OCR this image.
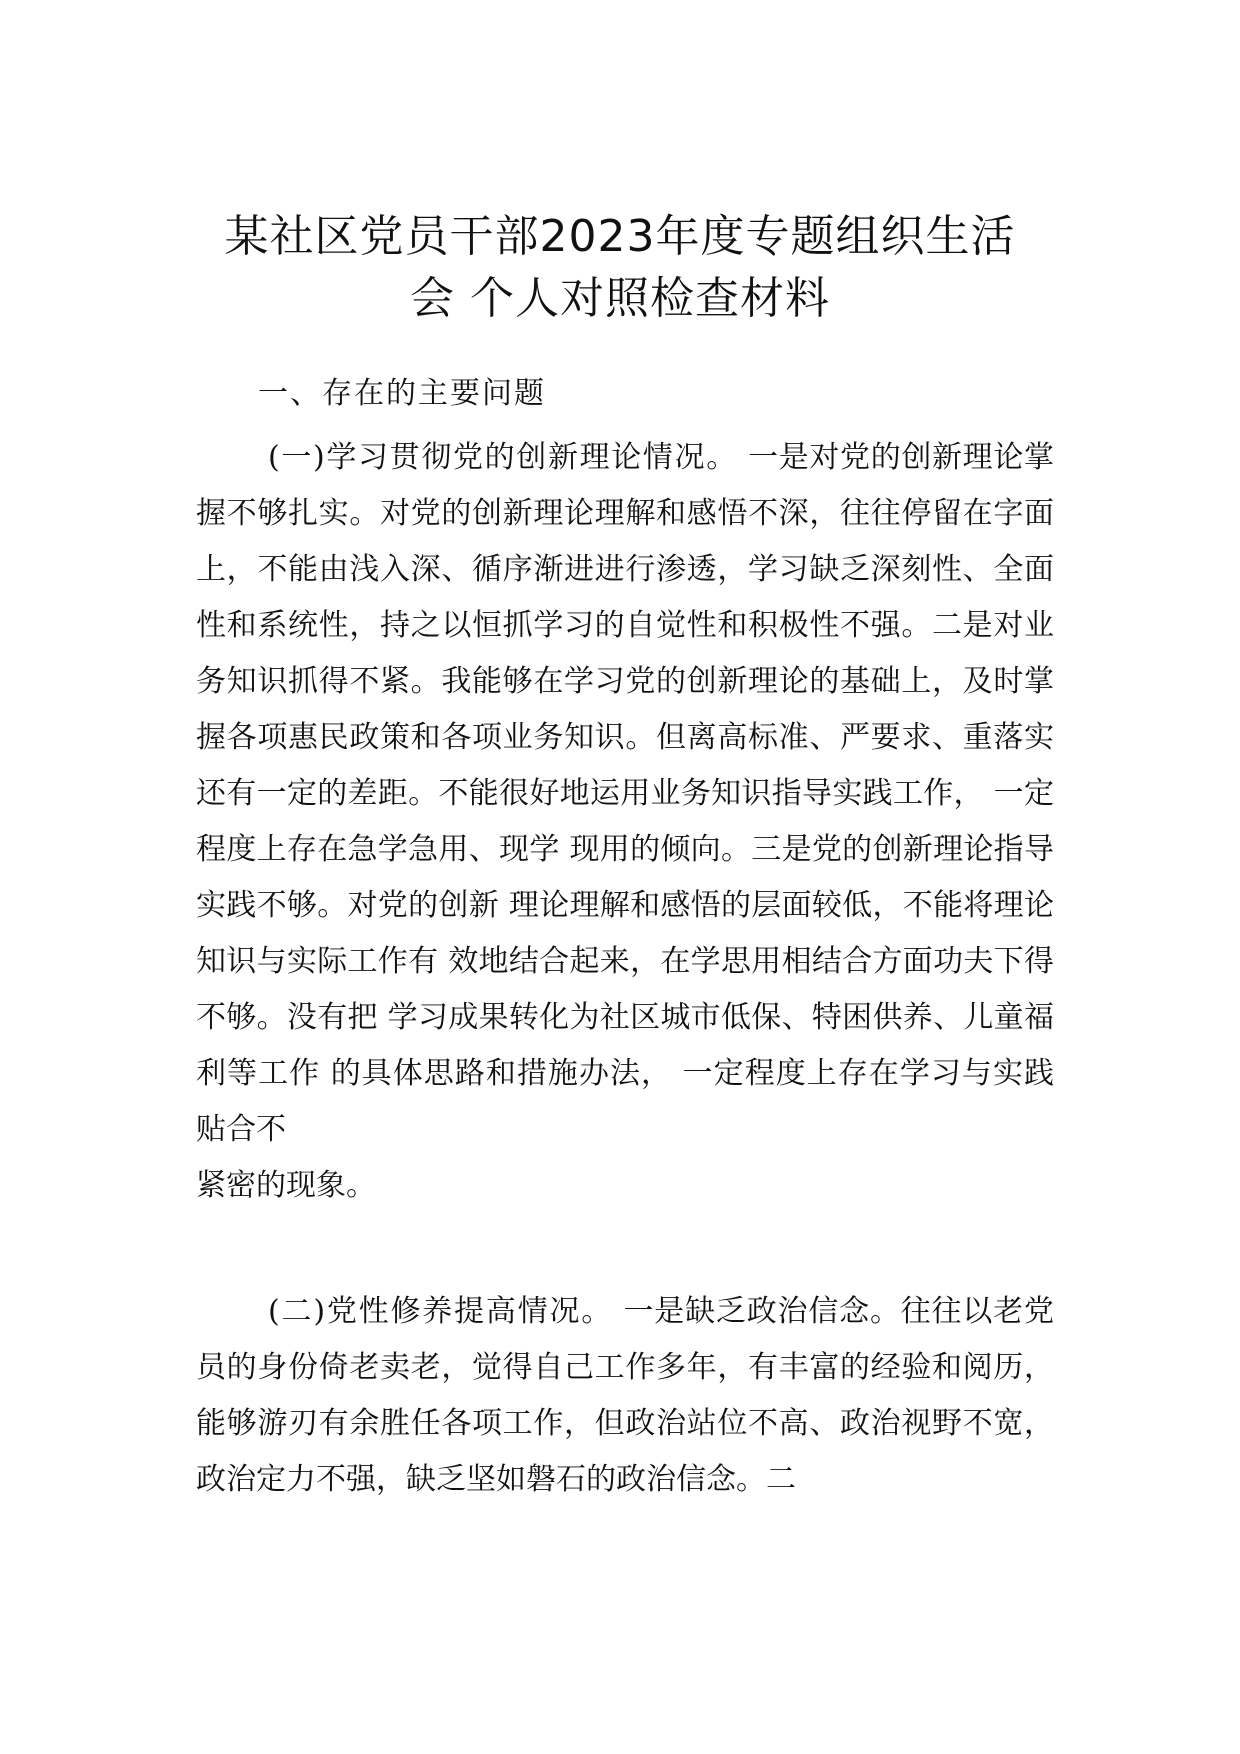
某社区党员干部2023年度专题组织生活
会 个人对照检查材料
一、存在的主要问题

(一)学习贯彻党的创新理论情况。 一是对党的创新理论掌握不够扎实。对党的创新理论理解和感悟不深，往往停留在字面上，不能由浅入深、循序渐进进行渗透，学习缺乏深刻性、全面性和系统性，持之以恒抓学习的自觉性和积极性不强。二是对业务知识抓得不紧。我能够在学习党的创新理论的基础上，及时掌握各项惠民政策和各项业务知识。但离高标准、严要求、重落实还有一定的差距。不能很好地运用业务知识指导实践工作， 一定程度上存在急学急用、现学 现用的倾向。三是党的创新理论指导实践不够。对党的创新 理论理解和感悟的层面较低，不能将理论知识与实际工作有 效地结合起来，在学思用相结合方面功夫下得不够。没有把 学习成果转化为社区城市低保、特困供养、儿童福利等工作 的具体思路和措施办法， 一定程度上存在学习与实践贴合不

紧密的现象。

(二)党性修养提高情况。 一是缺乏政治信念。往往以老党员的身份倚老卖老，觉得自己工作多年，有丰富的经验和阅历，能够游刃有余胜任各项工作，但政治站位不高、政治视野不宽，政治定力不强，缺乏坚如磐石的政治信念。二
